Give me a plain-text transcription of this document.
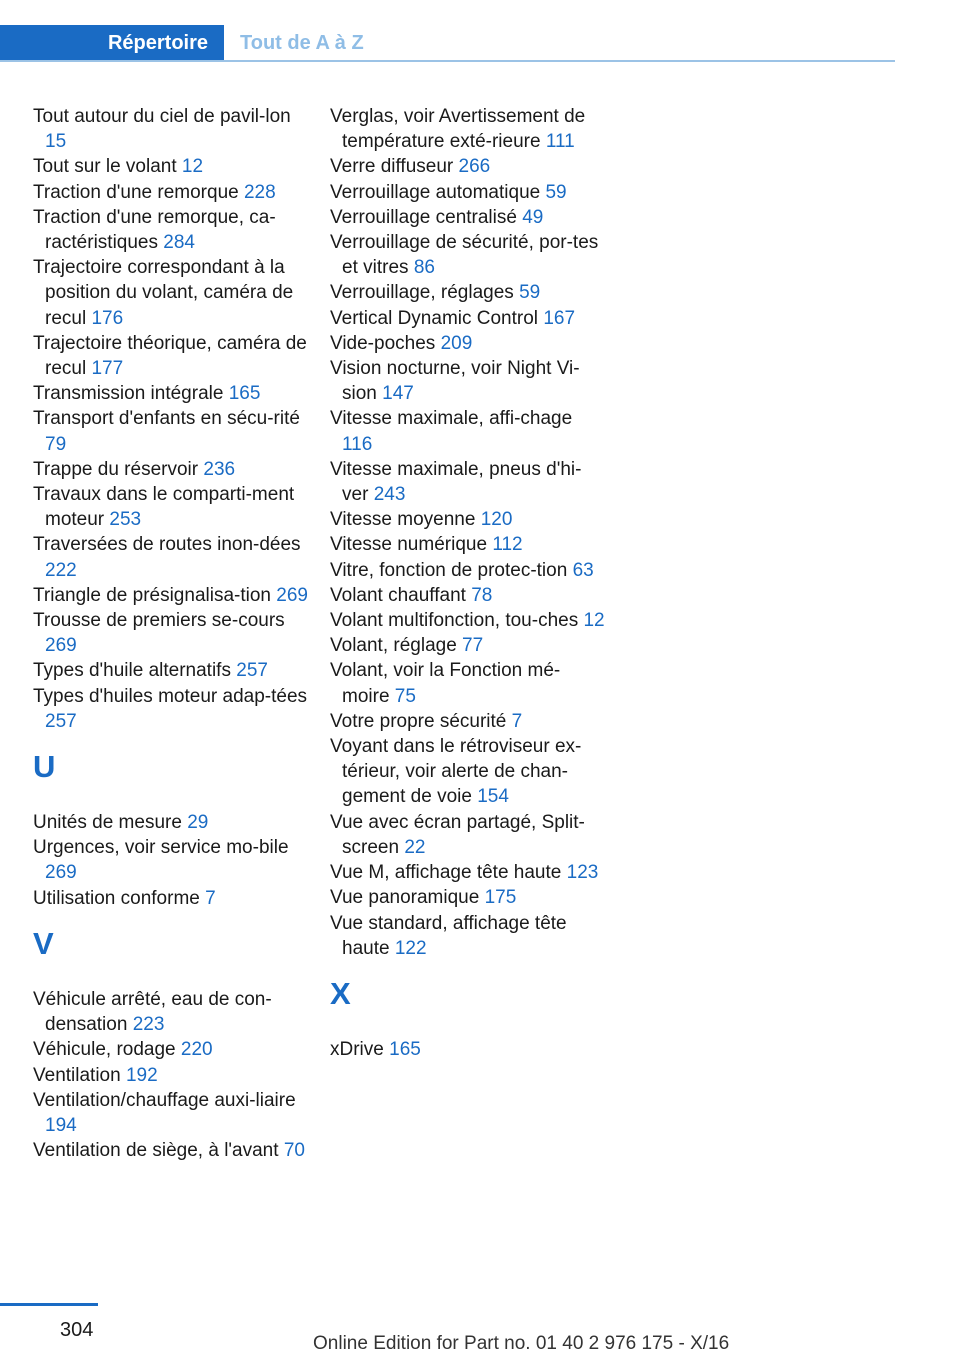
Répertoire	Tout de A à Z
Tout autour du ciel de pavil-lon 15
Tout sur le volant 12
Traction d'une remorque 228
Traction d'une remorque, ca-ractéristiques 284
Trajectoire correspondant à la position du volant, caméra de recul 176
Trajectoire théorique, caméra de recul 177
Transmission intégrale 165
Transport d'enfants en sécu-rité 79
Trappe du réservoir 236
Travaux dans le comparti-ment moteur 253
Traversées de routes inon-dées 222
Triangle de présignalisa-tion 269
Trousse de premiers se-cours 269
Types d'huile alternatifs 257
Types d'huiles moteur adap-tées 257
U
Unités de mesure 29
Urgences, voir service mo-bile 269
Utilisation conforme 7
V
Véhicule arrêté, eau de con-densation 223
Véhicule, rodage 220
Ventilation 192
Ventilation/chauffage auxi-liaire 194
Ventilation de siège, à l'avant 70
Verglas, voir Avertissement de température exté-rieure 111
Verre diffuseur 266
Verrouillage automatique 59
Verrouillage centralisé 49
Verrouillage de sécurité, por-tes et vitres 86
Verrouillage, réglages 59
Vertical Dynamic Control 167
Vide-poches 209
Vision nocturne, voir Night Vi-sion 147
Vitesse maximale, affi-chage 116
Vitesse maximale, pneus d'hi-ver 243
Vitesse moyenne 120
Vitesse numérique 112
Vitre, fonction de protec-tion 63
Volant chauffant 78
Volant multifonction, tou-ches 12
Volant, réglage 77
Volant, voir la Fonction mé-moire 75
Votre propre sécurité 7
Voyant dans le rétroviseur ex-térieur, voir alerte de chan-gement de voie 154
Vue avec écran partagé, Split-screen 22
Vue M, affichage tête haute 123
Vue panoramique 175
Vue standard, affichage tête haute 122
X
xDrive 165
304
Online Edition for Part no. 01 40 2 976 175 - X/16
